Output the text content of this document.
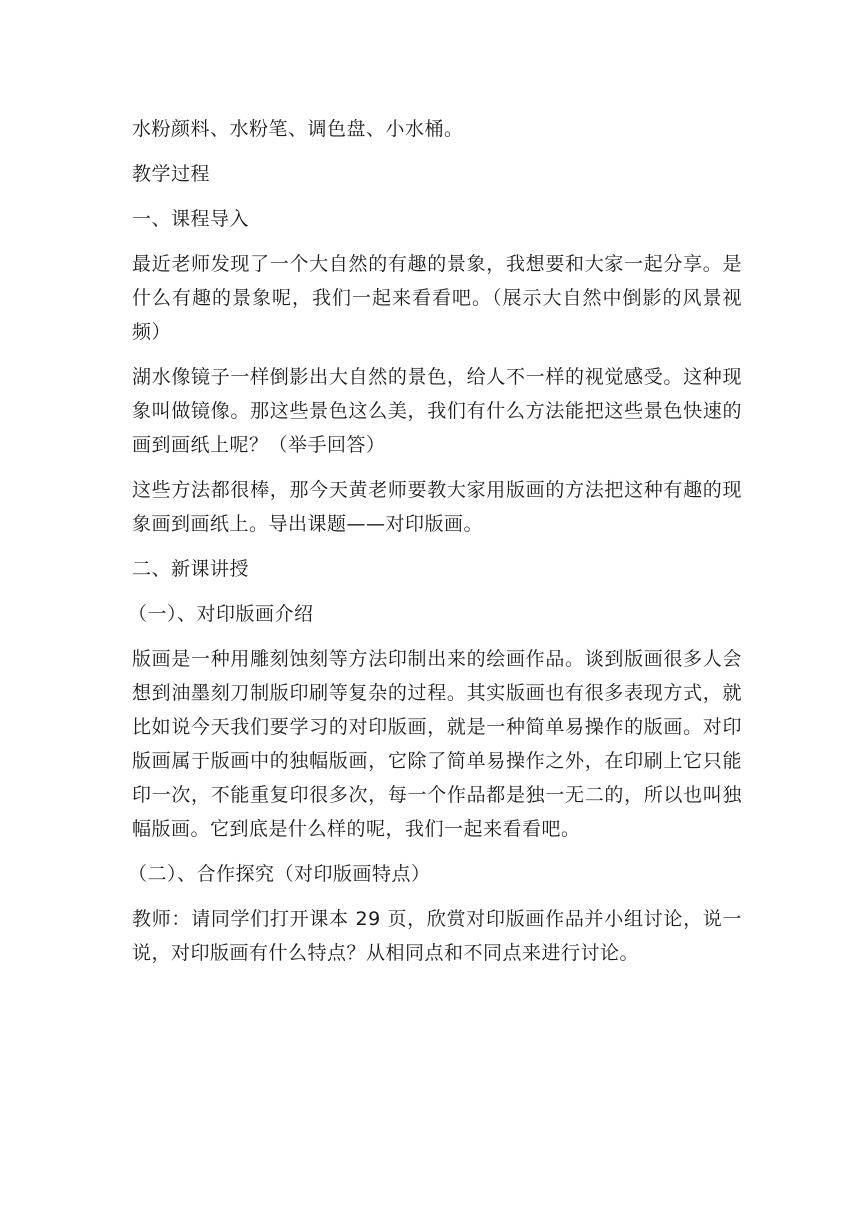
水粉颜料、水粉笔、调色盘、小水桶。

教学过程

一、课程导入

最近老师发现了一个大自然的有趣的景象，我想要和大家一起分享。是什么有趣的景象呢，我们一起来看看吧。（展示大自然中倒影的风景视频）

湖水像镜子一样倒影出大自然的景色，给人不一样的视觉感受。这种现象叫做镜像。那这些景色这么美，我们有什么方法能把这些景色快速的画到画纸上呢？（举手回答）

这些方法都很棒，那今天黄老师要教大家用版画的方法把这种有趣的现象画到画纸上。导出课题——对印版画。

二、新课讲授

（一）、对印版画介绍

版画是一种用雕刻蚀刻等方法印制出来的绘画作品。谈到版画很多人会想到油墨刻刀制版印刷等复杂的过程。其实版画也有很多表现方式，就比如说今天我们要学习的对印版画，就是一种简单易操作的版画。对印版画属于版画中的独幅版画，它除了简单易操作之外，在印刷上它只能印一次，不能重复印很多次，每一个作品都是独一无二的，所以也叫独幅版画。它到底是什么样的呢，我们一起来看看吧。

（二）、合作探究（对印版画特点）

教师：请同学们打开课本 29 页，欣赏对印版画作品并小组讨论，说一说，对印版画有什么特点？从相同点和不同点来进行讨论。
